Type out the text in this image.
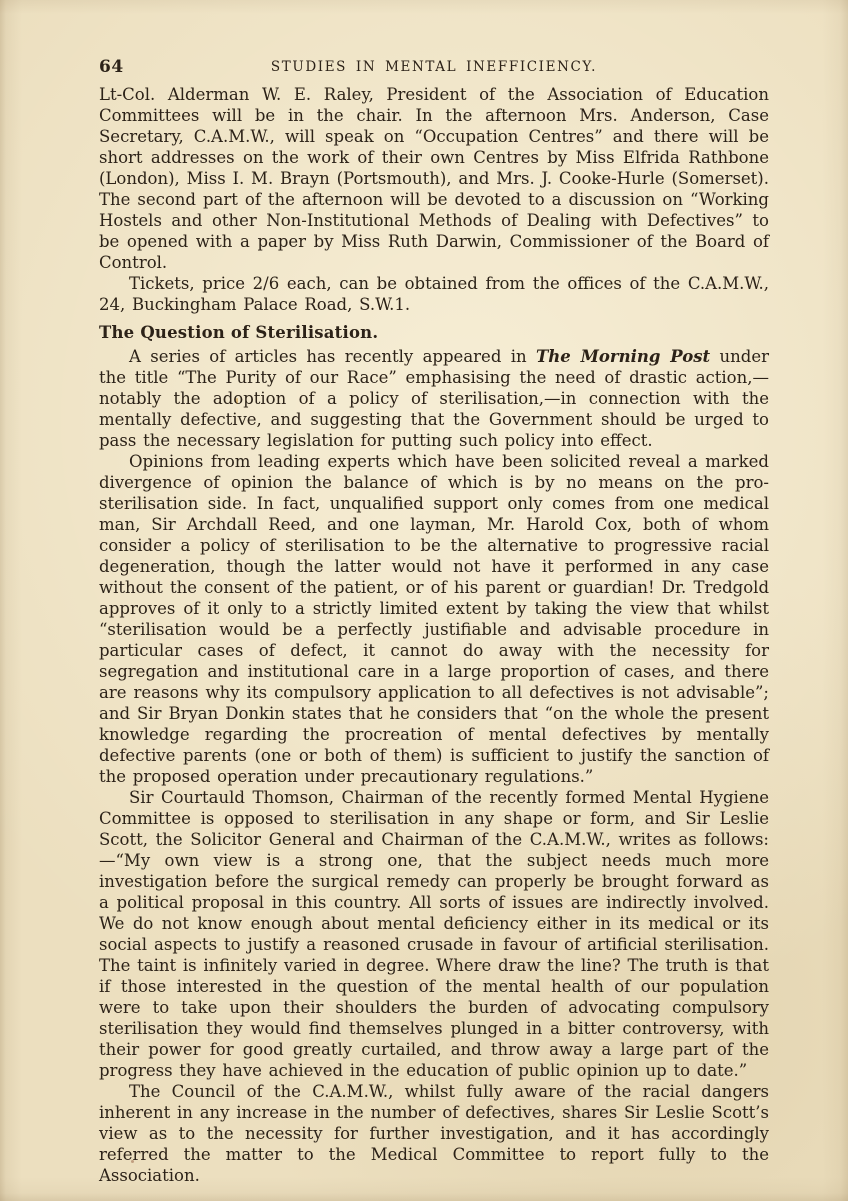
64	STUDIES IN MENTAL INEFFICIENCY.

Lt-Col. Alderman W. E. Raley, President of the Association of Education Committees will be in the chair. In the afternoon Mrs. Anderson, Case Secretary, C.A.M.W., will speak on “Occupation Centres” and there will be short addresses on the work of their own Centres by Miss Elfrida Rathbone (London), Miss I. M. Brayn (Portsmouth), and Mrs. J. Cooke-Hurle (Somerset). The second part of the afternoon will be devoted to a discussion on “Working Hostels and other Non-Institutional Methods of Dealing with Defectives” to be opened with a paper by Miss Ruth Darwin, Commissioner of the Board of Control.

Tickets, price 2/6 each, can be obtained from the offices of the C.A.M.W., 24, Buckingham Palace Road, S.W.1.

The Question of Sterilisation.

A series of articles has recently appeared in The Morning Post under the title “The Purity of our Race” emphasising the need of drastic action,—notably the adoption of a policy of sterilisation,—in connection with the mentally defective, and suggesting that the Government should be urged to pass the necessary legislation for putting such policy into effect.

Opinions from leading experts which have been solicited reveal a marked divergence of opinion the balance of which is by no means on the pro-sterilisation side. In fact, unqualified support only comes from one medical man, Sir Archdall Reed, and one layman, Mr. Harold Cox, both of whom consider a policy of sterilisation to be the alternative to progressive racial degeneration, though the latter would not have it performed in any case without the consent of the patient, or of his parent or guardian! Dr. Tredgold approves of it only to a strictly limited extent by taking the view that whilst “sterilisation would be a perfectly justifiable and advisable procedure in particular cases of defect, it cannot do away with the necessity for segregation and institutional care in a large proportion of cases, and there are reasons why its compulsory application to all defectives is not advisable”; and Sir Bryan Donkin states that he considers that “on the whole the present knowledge regarding the procreation of mental defectives by mentally defective parents (one or both of them) is sufficient to justify the sanction of the proposed operation under precautionary regulations.”

Sir Courtauld Thomson, Chairman of the recently formed Mental Hygiene Committee is opposed to sterilisation in any shape or form, and Sir Leslie Scott, the Solicitor General and Chairman of the C.A.M.W., writes as follows:—“My own view is a strong one, that the subject needs much more investigation before the surgical remedy can properly be brought forward as a political proposal in this country. All sorts of issues are indirectly involved. We do not know enough about mental deficiency either in its medical or its social aspects to justify a reasoned crusade in favour of artificial sterilisation. The taint is infinitely varied in degree. Where draw the line? The truth is that if those interested in the question of the mental health of our population were to take upon their shoulders the burden of advocating compulsory sterilisation they would find themselves plunged in a bitter controversy, with their power for good greatly curtailed, and throw away a large part of the progress they have achieved in the education of public opinion up to date.”

The Council of the C.A.M.W., whilst fully aware of the racial dangers inherent in any increase in the number of defectives, shares Sir Leslie Scott’s view as to the necessity for further investigation, and it has accordingly referred the matter to the Medical Committee to report fully to the Association.
